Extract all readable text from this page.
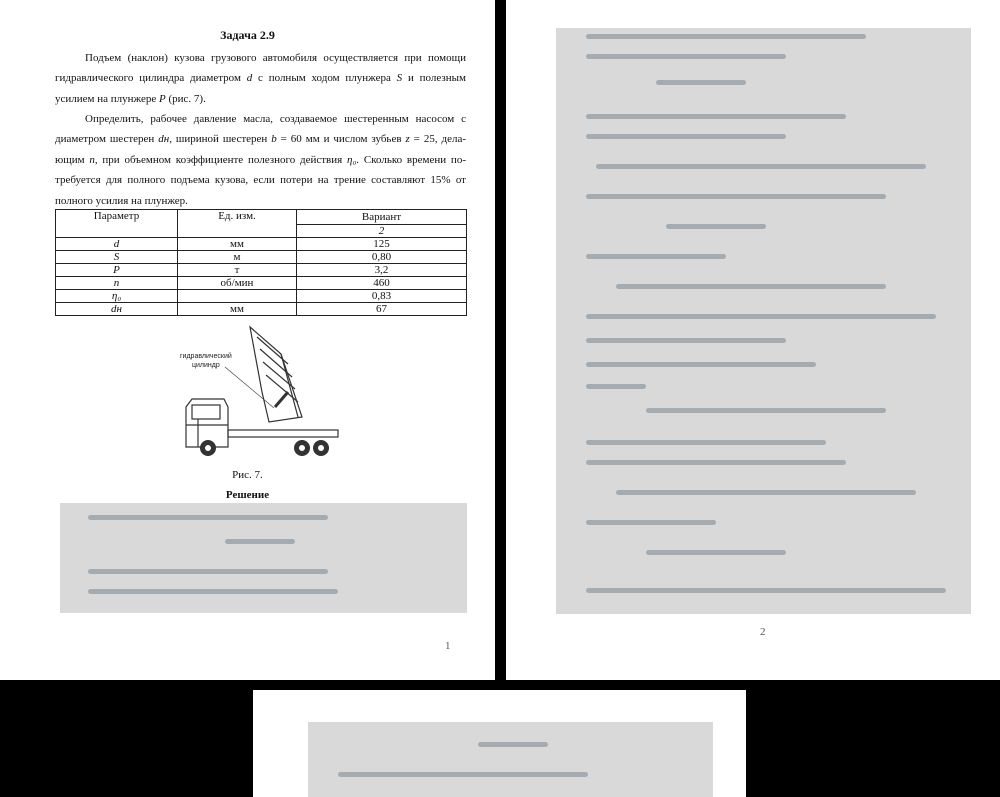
Задача 2.9
Подъем (наклон) кузова грузового автомобиля осуществляется при помощи гидравлического цилиндра диаметром d с полным ходом плунжера S и полезным усилием на плунжере P (рис. 7).
Определить, рабочее давление масла, создаваемое шестеренным насосом с диаметром шестерен dн, шириной шестерен b = 60 мм и числом зубьев z = 25, дела-ющим n, при объемном коэффициенте полезного действия η₀. Сколько времени по-требуется для полного подъема кузова, если потери на трение составляют 15% от полного усилия на плунжер.
Параметр	Ед. изм.	Вариант
		2
d	мм	125
S	м	0,80
P	т	3,2
n	об/мин	460
η₀		0,83
dн	мм	67
гидравлический
цилиндр
Рис. 7.
Решение
1
2
